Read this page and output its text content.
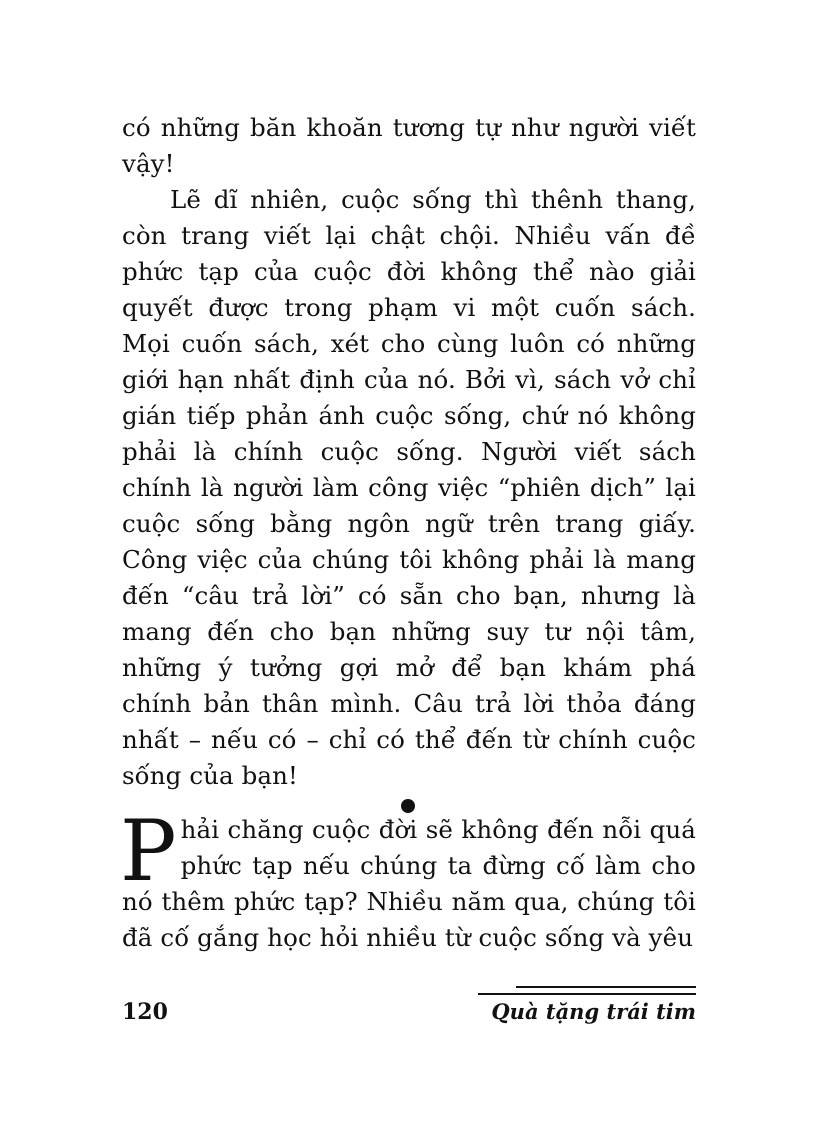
có những băn khoăn tương tự như người viết vậy!

Lẽ dĩ nhiên, cuộc sống thì thênh thang, còn trang viết lại chật chội. Nhiều vấn đề phức tạp của cuộc đời không thể nào giải quyết được trong phạm vi một cuốn sách. Mọi cuốn sách, xét cho cùng luôn có những giới hạn nhất định của nó. Bởi vì, sách vở chỉ gián tiếp phản ánh cuộc sống, chứ nó không phải là chính cuộc sống. Người viết sách chính là người làm công việc “phiên dịch” lại cuộc sống bằng ngôn ngữ trên trang giấy. Công việc của chúng tôi không phải là mang đến “câu trả lời” có sẵn cho bạn, nhưng là mang đến cho bạn những suy tư nội tâm, những ý tưởng gợi mở để bạn khám phá chính bản thân mình. Câu trả lời thỏa đáng nhất – nếu có – chỉ có thể đến từ chính cuộc sống của bạn!

Phải chăng cuộc đời sẽ không đến nỗi quá phức tạp nếu chúng ta đừng cố làm cho nó thêm phức tạp? Nhiều năm qua, chúng tôi đã cố gắng học hỏi nhiều từ cuộc sống và yêu

120	Quà tặng trái tim
